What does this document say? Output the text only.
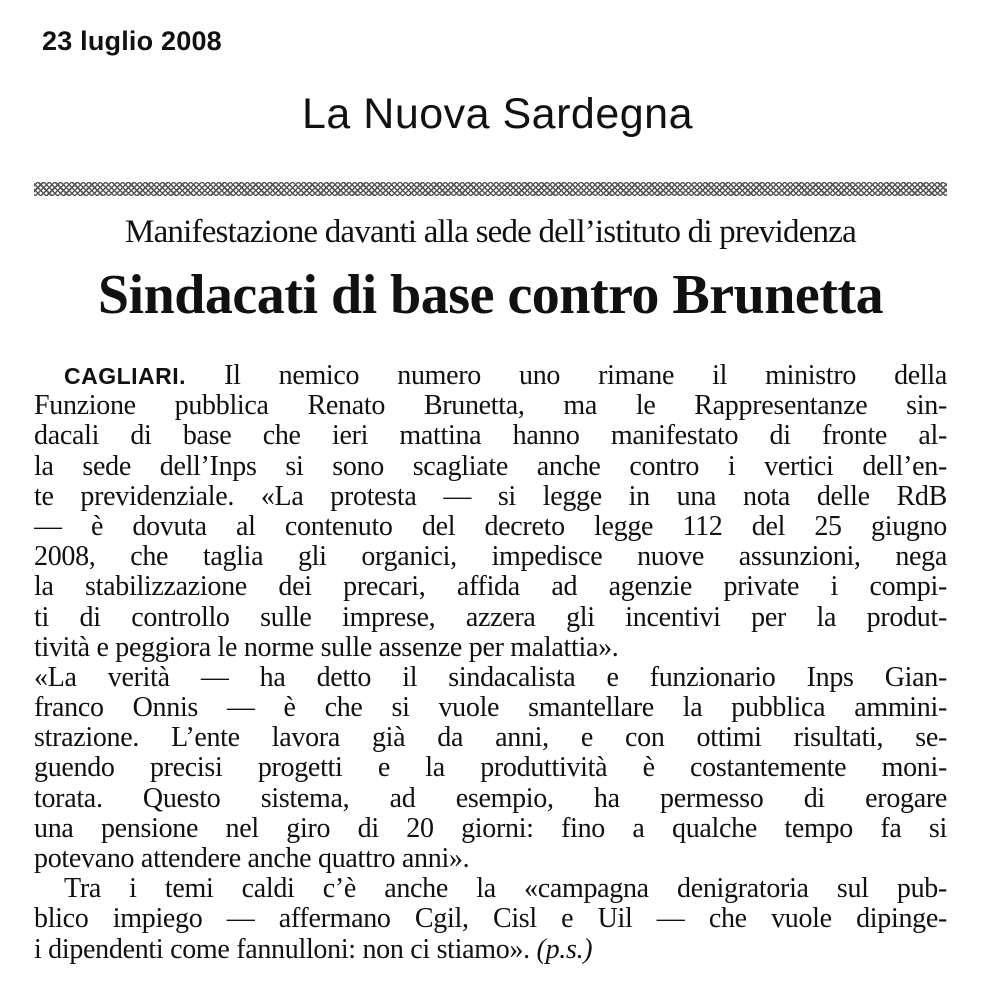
23 luglio 2008
La Nuova Sardegna
Manifestazione davanti alla sede dell’istituto di previdenza
Sindacati di base contro Brunetta
CAGLIARI. Il nemico numero uno rimane il ministro della
Funzione pubblica Renato Brunetta, ma le Rappresentanze sin-
dacali di base che ieri mattina hanno manifestato di fronte al-
la sede dell’Inps si sono scagliate anche contro i vertici dell’en-
te previdenziale. «La protesta — si legge in una nota delle RdB
— è dovuta al contenuto del decreto legge 112 del 25 giugno
2008, che taglia gli organici, impedisce nuove assunzioni, nega
la stabilizzazione dei precari, affida ad agenzie private i compi-
ti di controllo sulle imprese, azzera gli incentivi per la produt-
tività e peggiora le norme sulle assenze per malattia».
«La verità — ha detto il sindacalista e funzionario Inps Gian-
franco Onnis — è che si vuole smantellare la pubblica ammini-
strazione. L’ente lavora già da anni, e con ottimi risultati, se-
guendo precisi progetti e la produttività è costantemente moni-
torata. Questo sistema, ad esempio, ha permesso di erogare
una pensione nel giro di 20 giorni: fino a qualche tempo fa si
potevano attendere anche quattro anni».
Tra i temi caldi c’è anche la «campagna denigratoria sul pub-
blico impiego — affermano Cgil, Cisl e Uil — che vuole dipinge-
i dipendenti come fannulloni: non ci stiamo». (p.s.)
